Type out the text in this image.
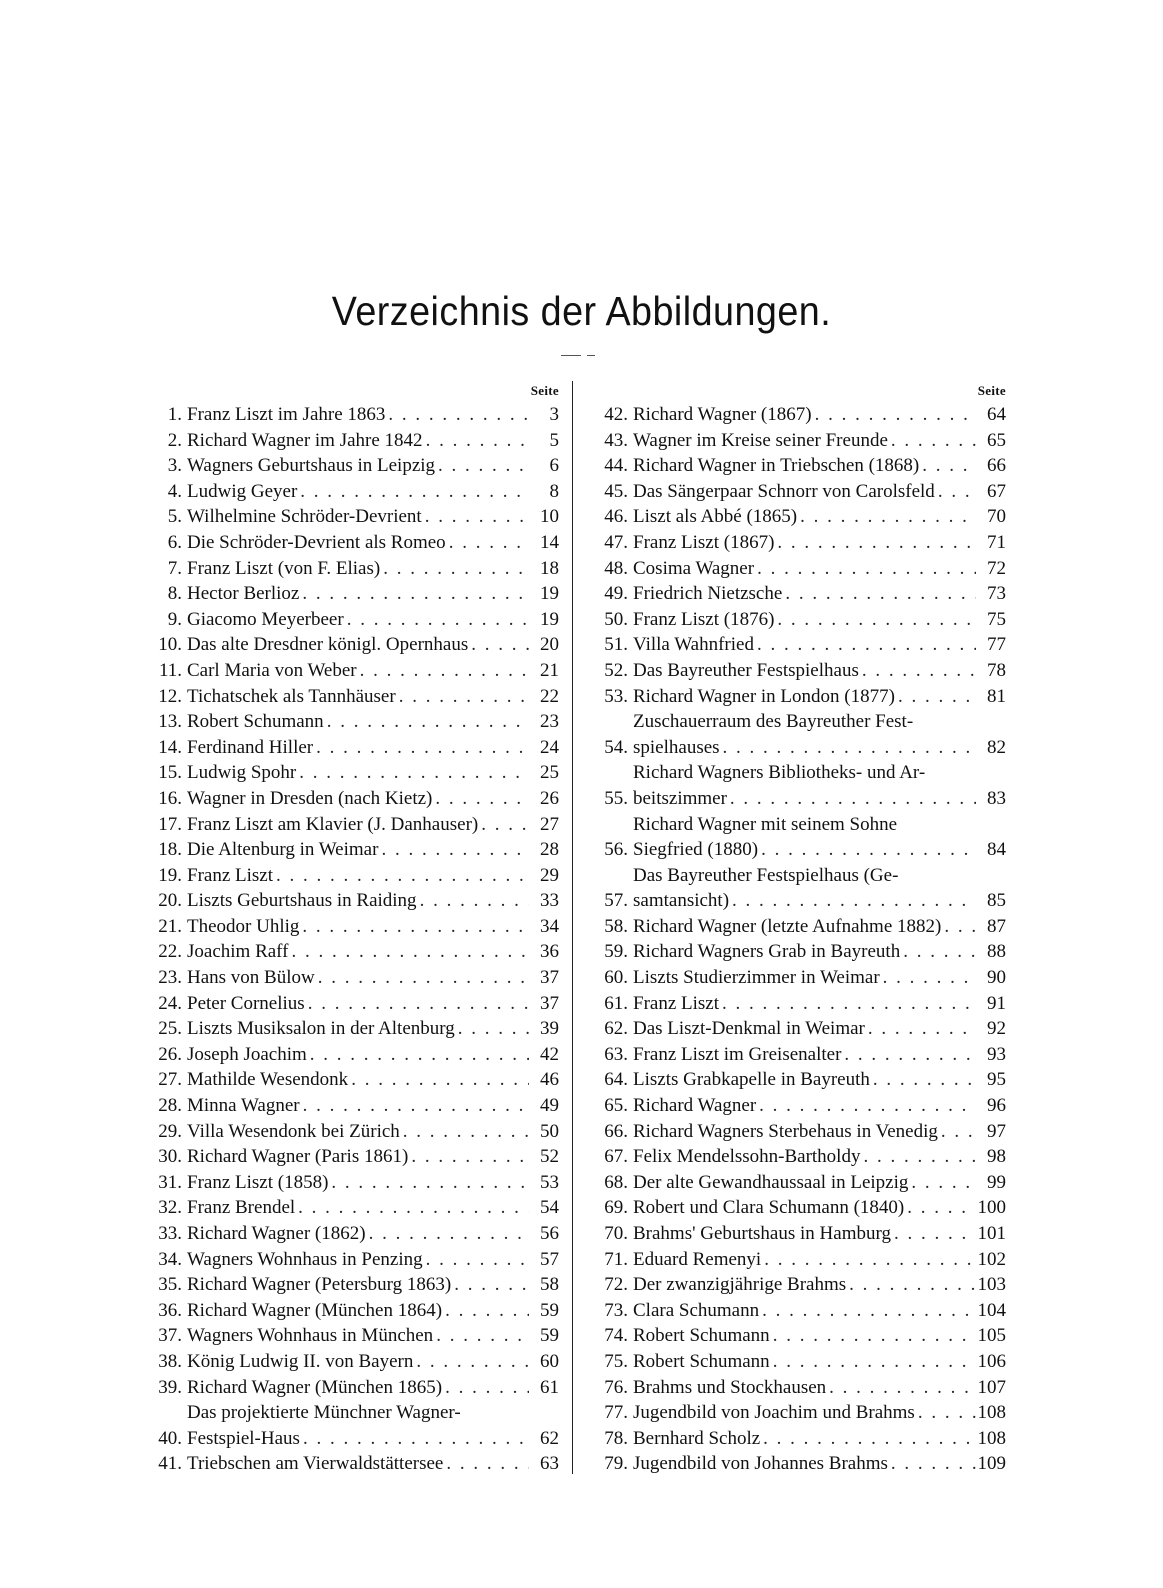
Verzeichnis der Abbildungen.
Seite
1. Franz Liszt im Jahre 1863 . . .	3
2. Richard Wagner im Jahre 1842 . . .	5
3. Wagners Geburtshaus in Leipzig . . .	6
4. Ludwig Geyer . . .	8
5. Wilhelmine Schröder-Devrient . . .	10
6. Die Schröder-Devrient als Romeo . . .	14
7. Franz Liszt (von F. Elias) . . .	18
8. Hector Berlioz . . .	19
9. Giacomo Meyerbeer . . .	19
10. Das alte Dresdner königl. Opernhaus . . .	20
11. Carl Maria von Weber . . .	21
12. Tichatschek als Tannhäuser . . .	22
13. Robert Schumann . . .	23
14. Ferdinand Hiller . . .	24
15. Ludwig Spohr . . .	25
16. Wagner in Dresden (nach Kietz) . . .	26
17. Franz Liszt am Klavier (J. Danhauser) . . .	27
18. Die Altenburg in Weimar . . .	28
19. Franz Liszt . . .	29
20. Liszts Geburtshaus in Raiding . . .	33
21. Theodor Uhlig . . .	34
22. Joachim Raff . . .	36
23. Hans von Bülow . . .	37
24. Peter Cornelius . . .	37
25. Liszts Musiksalon in der Altenburg . . .	39
26. Joseph Joachim . . .	42
27. Mathilde Wesendonk . . .	46
28. Minna Wagner . . .	49
29. Villa Wesendonk bei Zürich . . .	50
30. Richard Wagner (Paris 1861) . . .	52
31. Franz Liszt (1858) . . .	53
32. Franz Brendel . . .	54
33. Richard Wagner (1862) . . .	56
34. Wagners Wohnhaus in Penzing . . .	57
35. Richard Wagner (Petersburg 1863) . . .	58
36. Richard Wagner (München 1864) . . .	59
37. Wagners Wohnhaus in München . . .	59
38. König Ludwig II. von Bayern . . .	60
39. Richard Wagner (München 1865) . . .	61
40.
Das projektierte Münchner Wagner-
Festspiel-Haus . . .	62
41. Triebschen am Vierwaldstättersee . . .	63
Seite
42. Richard Wagner (1867) . . .	64
43. Wagner im Kreise seiner Freunde . . .	65
44. Richard Wagner in Triebschen (1868) . . .	66
45. Das Sängerpaar Schnorr von Carolsfeld . . .	67
46. Liszt als Abbé (1865) . . .	70
47. Franz Liszt (1867) . . .	71
48. Cosima Wagner . . .	72
49. Friedrich Nietzsche . . .	73
50. Franz Liszt (1876) . . .	75
51. Villa Wahnfried . . .	77
52. Das Bayreuther Festspielhaus . . .	78
53. Richard Wagner in London (1877) . . .	81
54.
Zuschauerraum des Bayreuther Fest-
spielhauses . . .	82
55.
Richard Wagners Bibliotheks- und Ar-
beitszimmer . . .	83
56.
Richard Wagner mit seinem Sohne
Siegfried (1880) . . .	84
57.
Das Bayreuther Festspielhaus (Ge-
samtansicht) . . .	85
58. Richard Wagner (letzte Aufnahme 1882) . . .	87
59. Richard Wagners Grab in Bayreuth . . .	88
60. Liszts Studierzimmer in Weimar . . .	90
61. Franz Liszt . . .	91
62. Das Liszt-Denkmal in Weimar . . .	92
63. Franz Liszt im Greisenalter . . .	93
64. Liszts Grabkapelle in Bayreuth . . .	95
65. Richard Wagner . . .	96
66. Richard Wagners Sterbehaus in Venedig . . .	97
67. Felix Mendelssohn-Bartholdy . . .	98
68. Der alte Gewandhaussaal in Leipzig . . .	99
69. Robert und Clara Schumann (1840) . . .	100
70. Brahms' Geburtshaus in Hamburg . . .	101
71. Eduard Remenyi . . .	102
72. Der zwanzigjährige Brahms . . .	103
73. Clara Schumann . . .	104
74. Robert Schumann . . .	105
75. Robert Schumann . . .	106
76. Brahms und Stockhausen . . .	107
77. Jugendbild von Joachim und Brahms . . .	108
78. Bernhard Scholz . . .	108
79. Jugendbild von Johannes Brahms . . .	109
